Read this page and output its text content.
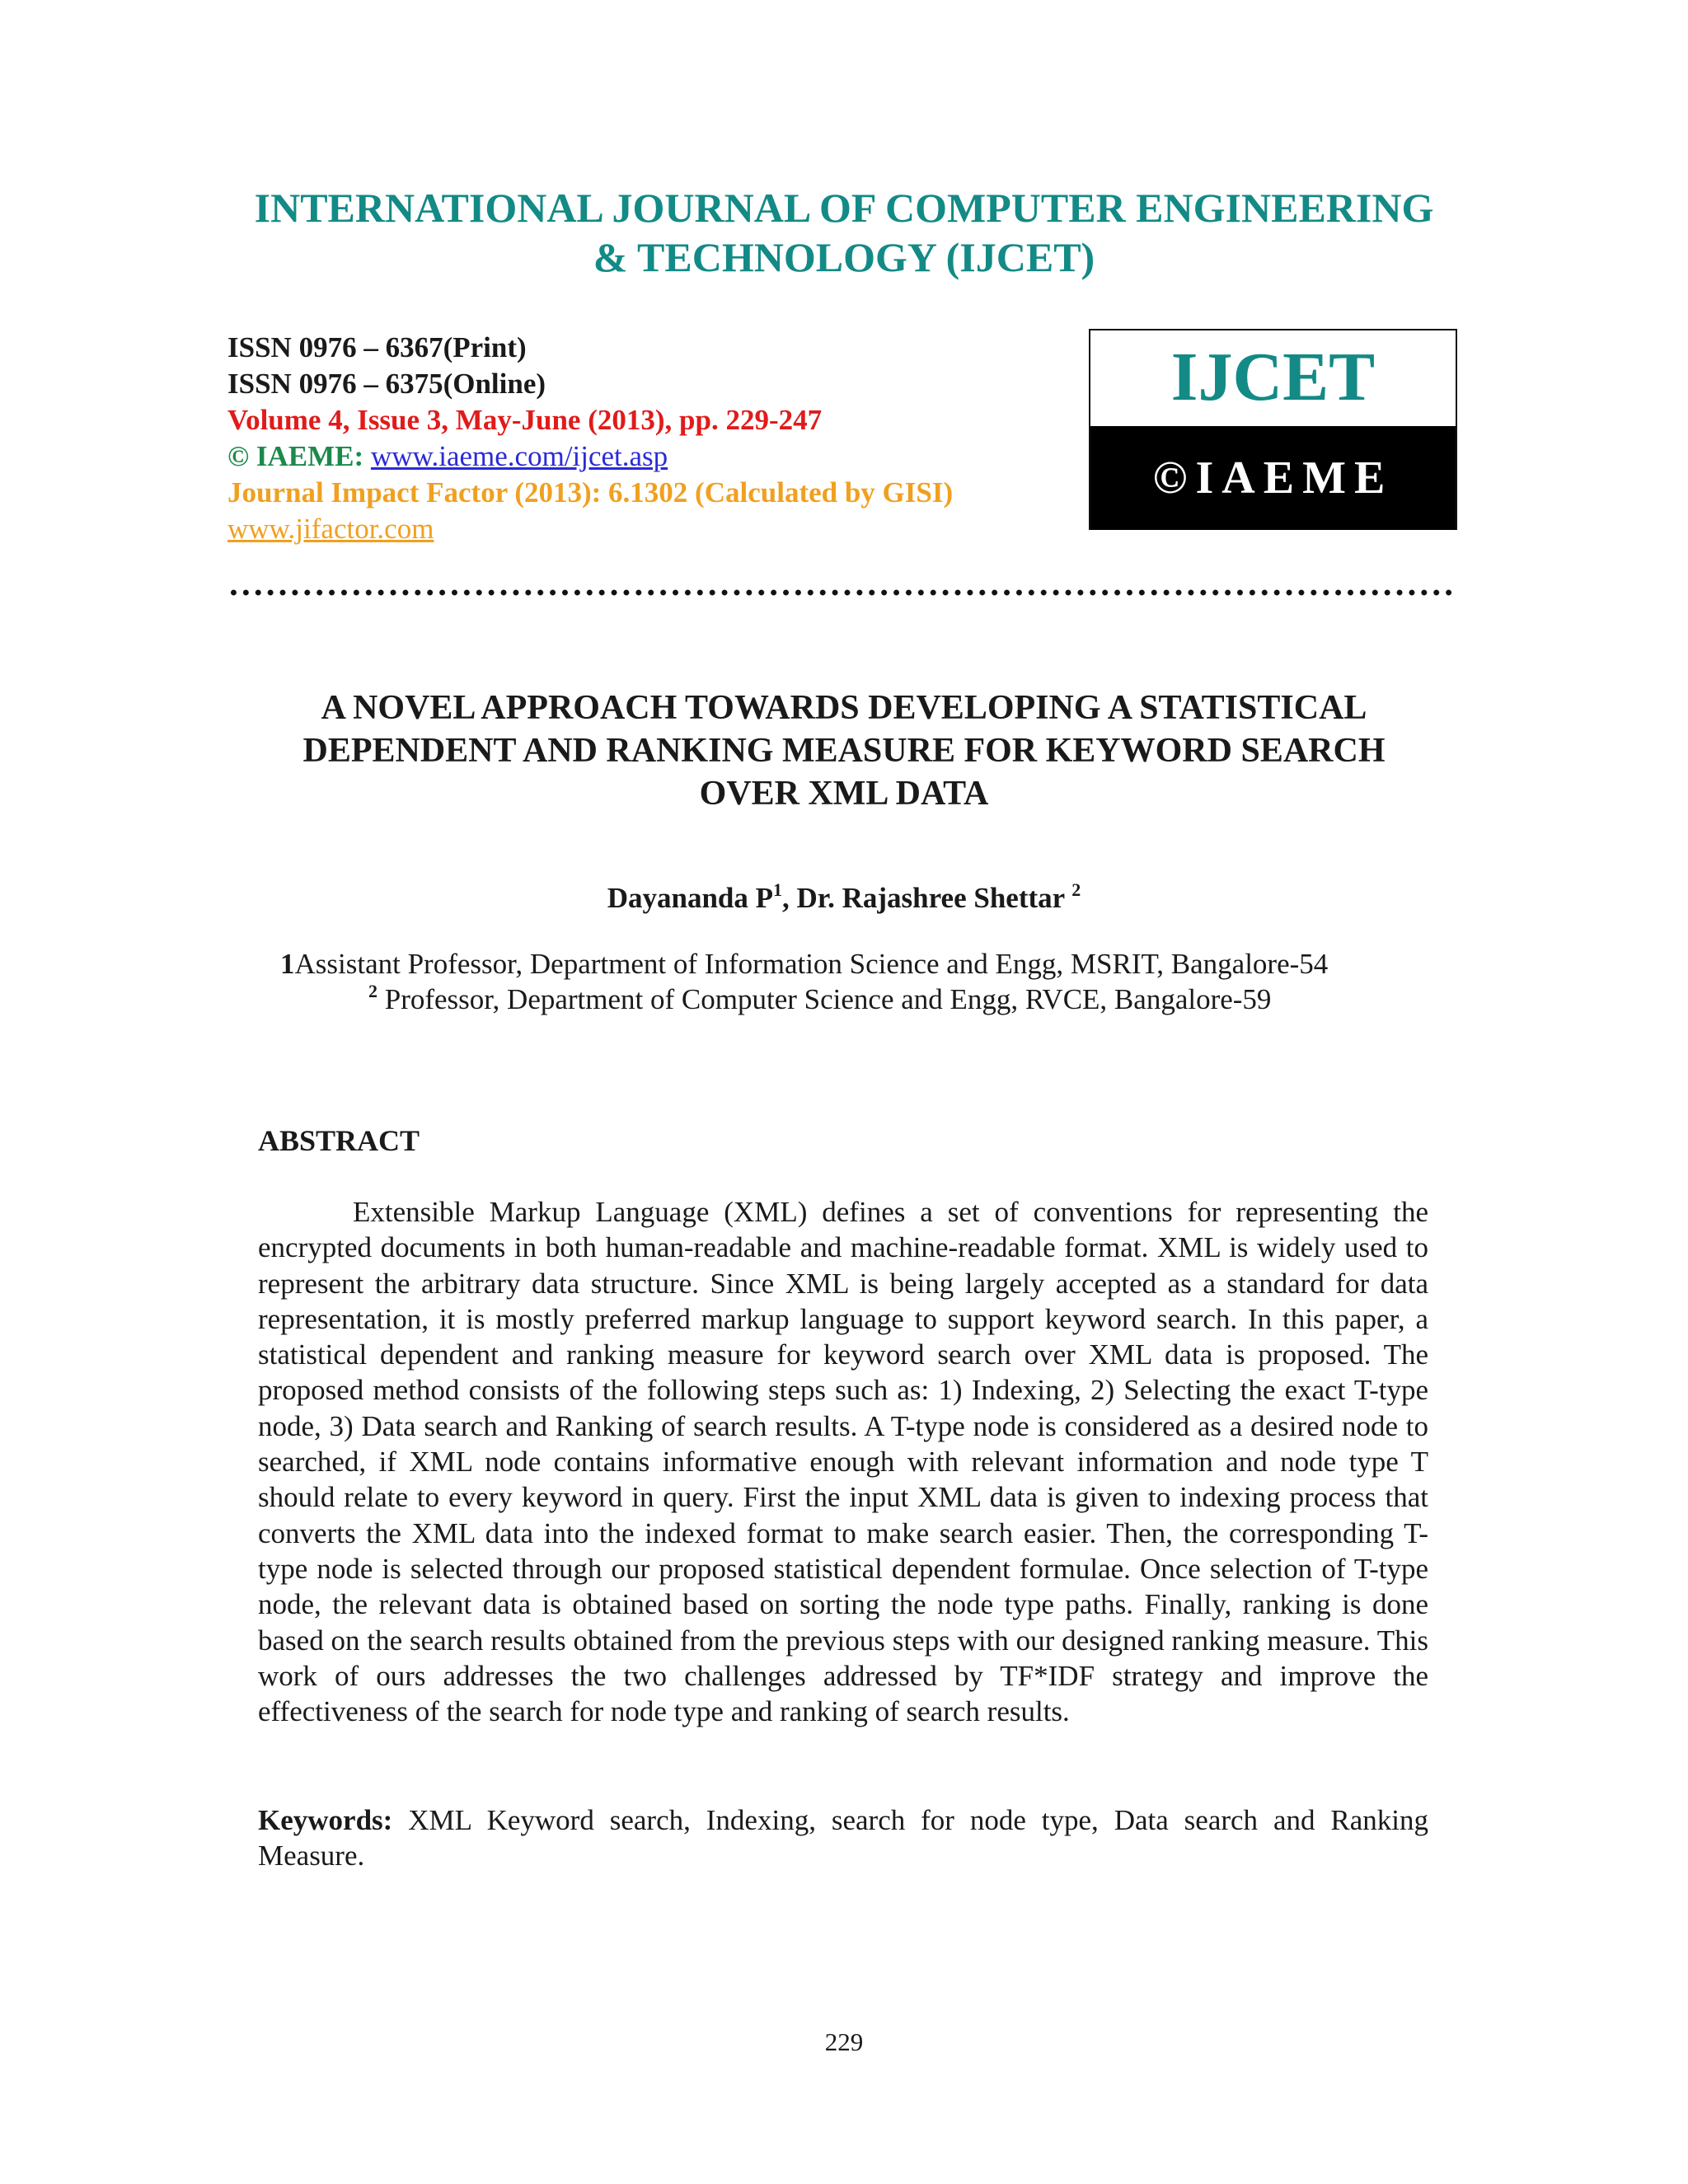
INTERNATIONAL JOURNAL OF COMPUTER ENGINEERING
& TECHNOLOGY (IJCET)
ISSN 0976 – 6367(Print)
ISSN 0976 – 6375(Online)
Volume 4, Issue 3, May-June (2013), pp. 229-247
© IAEME: www.iaeme.com/ijcet.asp
Journal Impact Factor (2013): 6.1302 (Calculated by GISI)
www.jifactor.com
IJCET
©IAEME
A NOVEL APPROACH TOWARDS DEVELOPING A STATISTICAL
DEPENDENT AND RANKING MEASURE FOR KEYWORD SEARCH
OVER XML DATA
Dayananda $P^1$, Dr. Rajashree Shettar $^2$
1Assistant Professor, Department of Information Science and Engg, MSRIT, Bangalore-54
$^2$ Professor, Department of Computer Science and Engg, RVCE, Bangalore-59
ABSTRACT
Extensible Markup Language (XML) defines a set of conventions for representing the encrypted documents in both human-readable and machine-readable format. XML is widely used to represent the arbitrary data structure. Since XML is being largely accepted as a standard for data representation, it is mostly preferred markup language to support keyword search. In this paper, a statistical dependent and ranking measure for keyword search over XML data is proposed. The proposed method consists of the following steps such as: 1) Indexing, 2) Selecting the exact T-type node, 3) Data search and Ranking of search results. A T-type node is considered as a desired node to searched, if XML node contains informative enough with relevant information and node type T should relate to every keyword in query. First the input XML data is given to indexing process that converts the XML data into the indexed format to make search easier. Then, the corresponding T-type node is selected through our proposed statistical dependent formulae. Once selection of T-type node, the relevant data is obtained based on sorting the node type paths. Finally, ranking is done based on the search results obtained from the previous steps with our designed ranking measure. This work of ours addresses the two challenges addressed by TF*IDF strategy and improve the effectiveness of the search for node type and ranking of search results.
Keywords: XML Keyword search, Indexing, search for node type, Data search and Ranking Measure.
229
